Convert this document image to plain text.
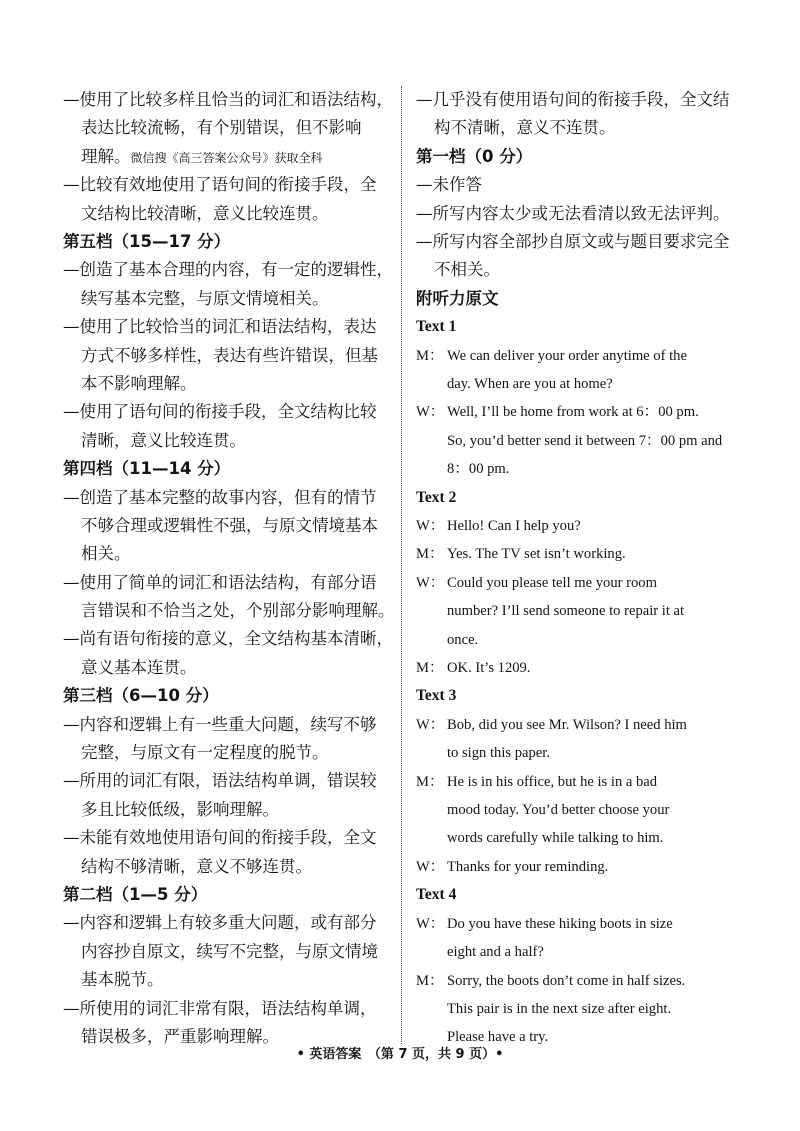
—使用了比较多样且恰当的词汇和语法结构，
表达比较流畅，有个别错误，但不影响
理解。微信搜《高三答案公众号》获取全科
—比较有效地使用了语句间的衔接手段，全
文结构比较清晰，意义比较连贯。
第五档（15—17 分）
—创造了基本合理的内容，有一定的逻辑性，
续写基本完整，与原文情境相关。
—使用了比较恰当的词汇和语法结构，表达
方式不够多样性，表达有些许错误，但基
本不影响理解。
—使用了语句间的衔接手段，全文结构比较
清晰，意义比较连贯。
第四档（11—14 分）
—创造了基本完整的故事内容，但有的情节
不够合理或逻辑性不强，与原文情境基本
相关。
—使用了简单的词汇和语法结构，有部分语
言错误和不恰当之处，个别部分影响理解。
—尚有语句衔接的意义，全文结构基本清晰，
意义基本连贯。
第三档（6—10 分）
—内容和逻辑上有一些重大问题，续写不够
完整，与原文有一定程度的脱节。
—所用的词汇有限，语法结构单调，错误较
多且比较低级，影响理解。
—未能有效地使用语句间的衔接手段，全文
结构不够清晰，意义不够连贯。
第二档（1—5 分）
—内容和逻辑上有较多重大问题，或有部分
内容抄自原文，续写不完整，与原文情境
基本脱节。
—所使用的词汇非常有限，语法结构单调，
错误极多，严重影响理解。
—几乎没有使用语句间的衔接手段，全文结
构不清晰，意义不连贯。
第一档（0 分）
—未作答
—所写内容太少或无法看清以致无法评判。
—所写内容全部抄自原文或与题目要求完全
不相关。
附听力原文
Text 1
M： We can deliver your order anytime of the
day. When are you at home?
W： Well, I’ll be home from work at 6：00 pm.
So, you’d better send it between 7：00 pm and
8：00 pm.
Text 2
W： Hello! Can I help you?
M： Yes. The TV set isn’t working.
W： Could you please tell me your room
number? I’ll send someone to repair it at
once.
M： OK. It’s 1209.
Text 3
W： Bob, did you see Mr. Wilson? I need him
to sign this paper.
M： He is in his office, but he is in a bad
mood today. You’d better choose your
words carefully while talking to him.
W： Thanks for your reminding.
Text 4
W： Do you have these hiking boots in size
eight and a half?
M： Sorry, the boots don’t come in half sizes.
This pair is in the next size after eight.
Please have a try.
• 英语答案　（第 7 页，共 9 页）•
